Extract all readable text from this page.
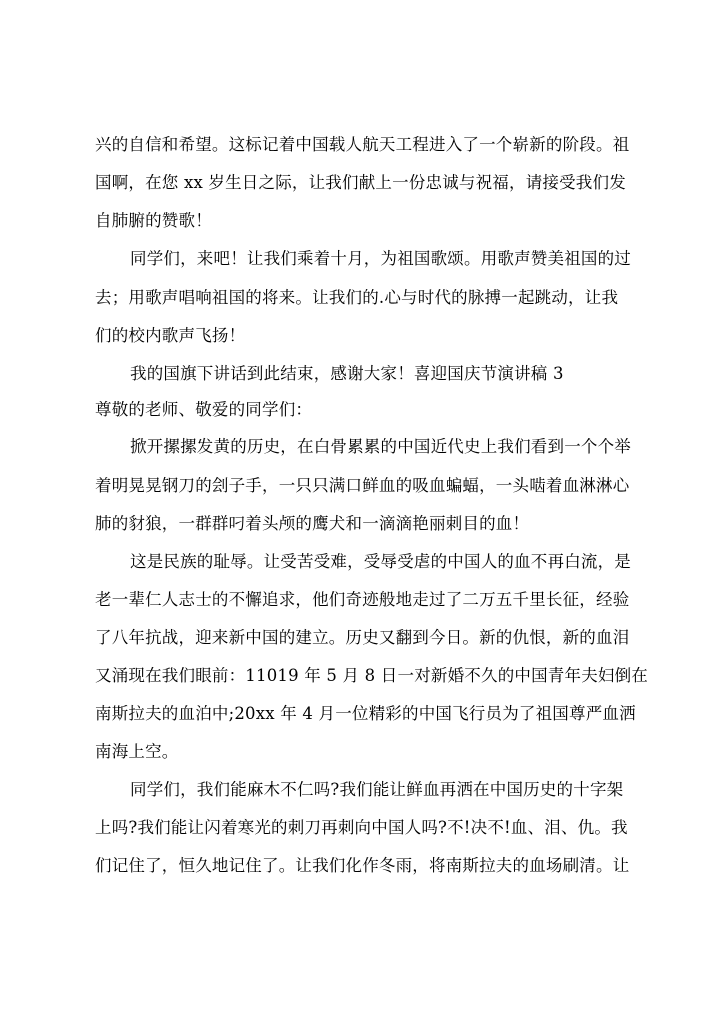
兴的自信和希望。这标记着中国载人航天工程进入了一个崭新的阶段。祖
国啊，在您 xx 岁生日之际，让我们献上一份忠诚与祝福，请接受我们发
自肺腑的赞歌！
同学们，来吧！让我们乘着十月，为祖国歌颂。用歌声赞美祖国的过
去；用歌声唱响祖国的将来。让我们的.心与时代的脉搏一起跳动，让我
们的校内歌声飞扬！
我的国旗下讲话到此结束，感谢大家！喜迎国庆节演讲稿 3
尊敬的老师、敬爱的同学们：
掀开摞摞发黄的历史，在白骨累累的中国近代史上我们看到一个个举
着明晃晃钢刀的刽子手，一只只满口鲜血的吸血蝙蝠，一头啮着血淋淋心
肺的豺狼，一群群叼着头颅的鹰犬和一滴滴艳丽刺目的血！
这是民族的耻辱。让受苦受难，受辱受虐的中国人的血不再白流，是
老一辈仁人志士的不懈追求，他们奇迹般地走过了二万五千里长征，经验
了八年抗战，迎来新中国的建立。历史又翻到今日。新的仇恨，新的血泪
又涌现在我们眼前：11019 年 5 月 8 日一对新婚不久的中国青年夫妇倒在
南斯拉夫的血泊中;20xx 年 4 月一位精彩的中国飞行员为了祖国尊严血洒
南海上空。
同学们，我们能麻木不仁吗?我们能让鲜血再洒在中国历史的十字架
上吗?我们能让闪着寒光的刺刀再刺向中国人吗?不!决不!血、泪、仇。我
们记住了，恒久地记住了。让我们化作冬雨，将南斯拉夫的血场刷清。让
